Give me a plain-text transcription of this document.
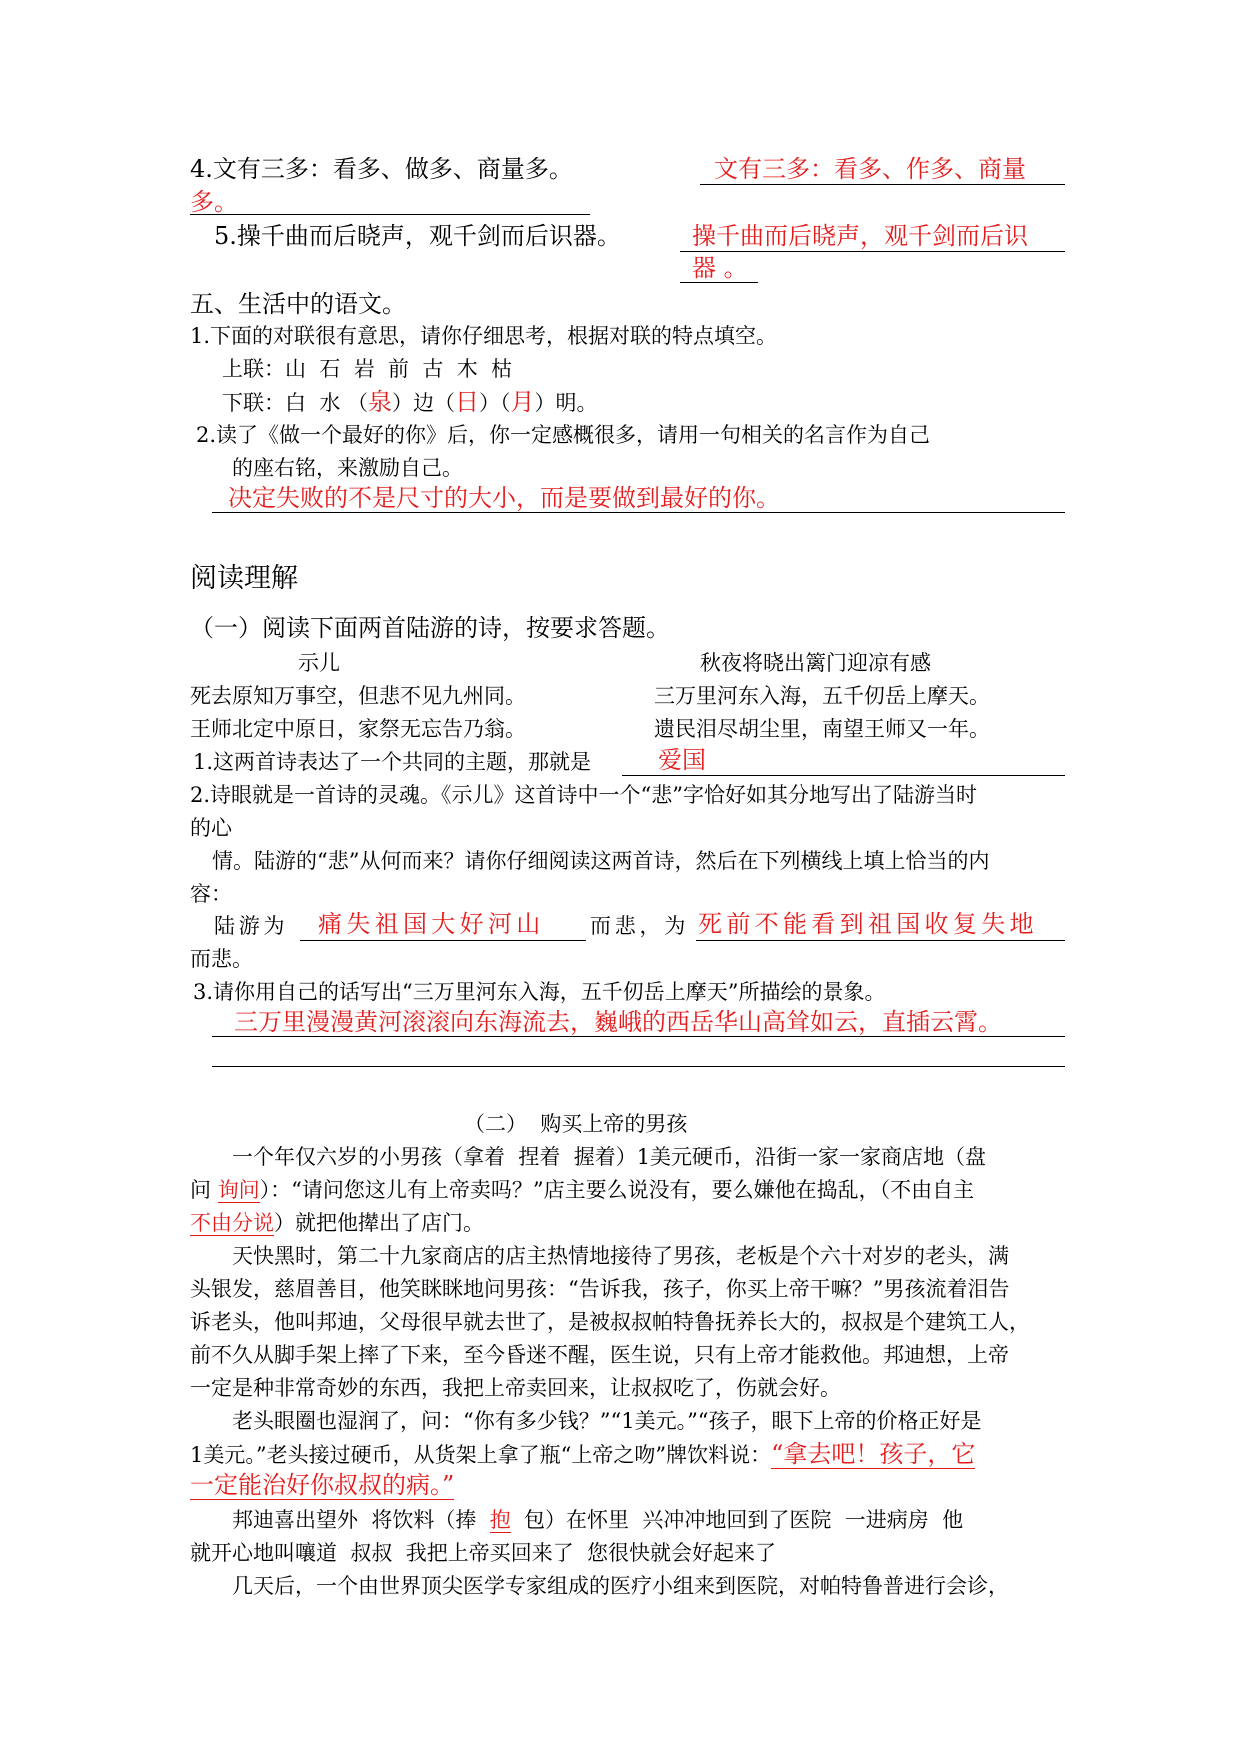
4.文有三多：看多、做多、商量多。	文有三多：看多、作多、商量
多。
5.操千曲而后晓声，观千剑而后识器。	操千曲而后晓声，观千剑而后识
器 。
五、生活中的语文。
1.下面的对联很有意思，请你仔细思考，根据对联的特点填空。
上联：山  石  岩  前  古  木  枯
下联：白  水 （泉）边（日）（月）明。
2.读了《做一个最好的你》后，你一定感概很多，请用一句相关的名言作为自己
的座右铭，来激励自己。
决定失败的不是尺寸的大小，而是要做到最好的你。
阅读理解
（一）阅读下面两首陆游的诗，按要求答题。
示儿	秋夜将晓出篱门迎凉有感
死去原知万事空，但悲不见九州同。	三万里河东入海，五千仞岳上摩天。
王师北定中原日，家祭无忘告乃翁。	遗民泪尽胡尘里，南望王师又一年。
1.这两首诗表达了一个共同的主题，那就是	爱国
2.诗眼就是一首诗的灵魂。《示儿》这首诗中一个“悲”字恰好如其分地写出了陆游当时
的心
情。陆游的“悲”从何而来？请你仔细阅读这两首诗，然后在下列横线上填上恰当的内
容：
陆游为 痛失祖国大好河山 而悲，为 死前不能看到祖国收复失地
而悲。
3.请你用自己的话写出“三万里河东入海，五千仞岳上摩天”所描绘的景象。
三万里漫漫黄河滚滚向东海流去，巍峨的西岳华山高耸如云，直插云霄。
（二）  购买上帝的男孩
一个年仅六岁的小男孩（拿着  捏着  握着）1美元硬币，沿街一家一家商店地（盘
问 询问）：“请问您这儿有上帝卖吗？”店主要么说没有，要么嫌他在捣乱，（不由自主
不由分说）就把他撵出了店门。
天快黑时，第二十九家商店的店主热情地接待了男孩，老板是个六十对岁的老头，满
头银发，慈眉善目，他笑眯眯地问男孩：“告诉我，孩子，你买上帝干嘛？”男孩流着泪告
诉老头，他叫邦迪，父母很早就去世了，是被叔叔帕特鲁抚养长大的，叔叔是个建筑工人，
前不久从脚手架上摔了下来，至今昏迷不醒，医生说，只有上帝才能救他。邦迪想，上帝
一定是种非常奇妙的东西，我把上帝卖回来，让叔叔吃了，伤就会好。
老头眼圈也湿润了，问：“你有多少钱？”“1美元。”“孩子，眼下上帝的价格正好是
1美元。”老头接过硬币，从货架上拿了瓶“上帝之吻”牌饮料说：“拿去吧！孩子，它
一定能治好你叔叔的病。”
邦迪喜出望外  将饮料（捧  抱  包）在怀里  兴冲冲地回到了医院  一进病房  他
就开心地叫嚷道  叔叔  我把上帝买回来了  您很快就会好起来了
几天后，一个由世界顶尖医学专家组成的医疗小组来到医院，对帕特鲁普进行会诊，
